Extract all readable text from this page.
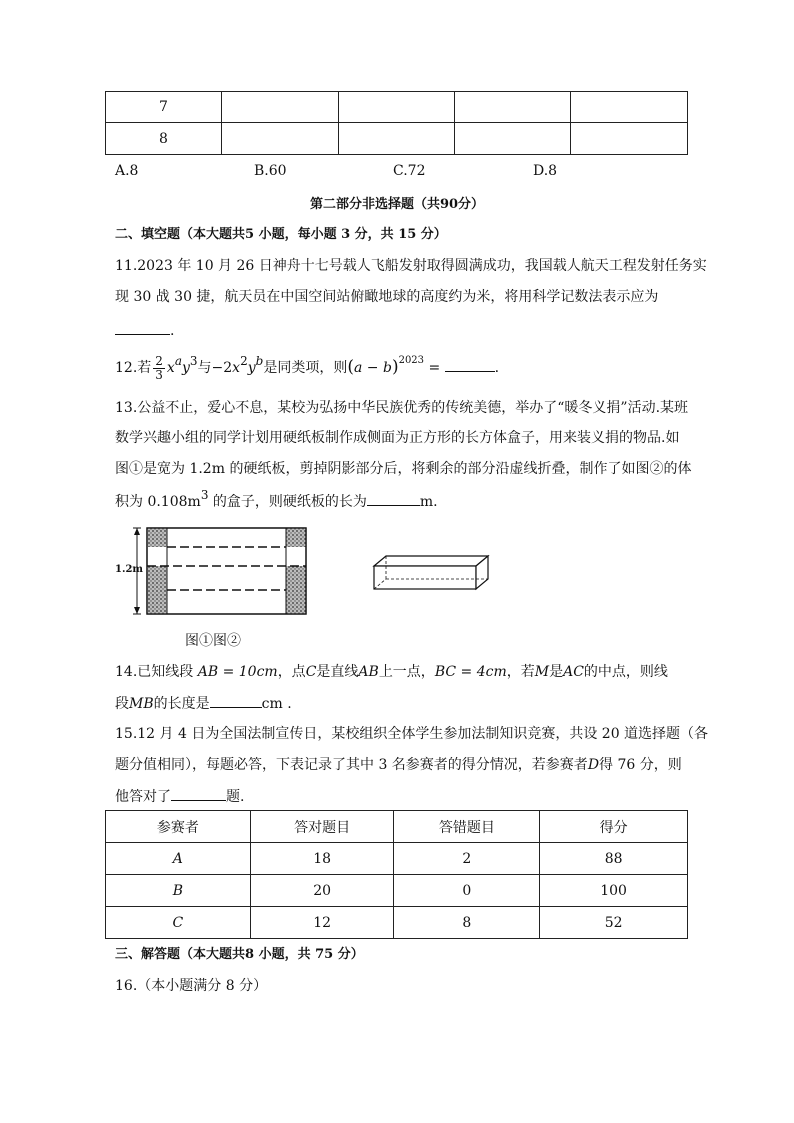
7				
8				
A.8	B.60	C.72	D.8
第二部分非选择题（共90分）
二、填空题（本大题共5 小题，每小题 3 分，共 15 分）
11.2023 年 10 月 26 日神舟十七号载人飞船发射取得圆满成功，我国载人航天工程发射任务实
现 30 战 30 捷，航天员在中国空间站俯瞰地球的高度约为米，将用科学记数法表示应为
.
12.若 $\frac{2}{3} xay3$与−2x2yb是同类项，则$(a - b)^{2023}$ =	.
13.公益不止，爱心不息，某校为弘扬中华民族优秀的传统美德，举办了“暖冬义捐”活动.某班
数学兴趣小组的同学计划用硬纸板制作成侧面为正方形的长方体盒子，用来装义捐的物品.如
图①是宽为 1.2m 的硬纸板，剪掉阴影部分后，将剩余的部分沿虚线折叠，制作了如图②的体
积为 0.108m3 的盒子，则硬纸板的长为	m.
1.2m
图①图②
14.已知线段 AB = 10cm，点C是直线AB上一点，BC = 4cm，若M是AC的中点，则线
段MB的长度是	cm .
15.12 月 4 日为全国法制宣传日，某校组织全体学生参加法制知识竞赛，共设 20 道选择题（各
题分值相同），每题必答，下表记录了其中 3 名参赛者的得分情况，若参赛者D得 76 分，则
他答对了	题.
参赛者	答对题目	答错题目	得分
A	18	2	88
B	20	0	100
C	12	8	52
三、解答题（本大题共8 小题，共 75 分）
16.（本小题满分 8 分）
